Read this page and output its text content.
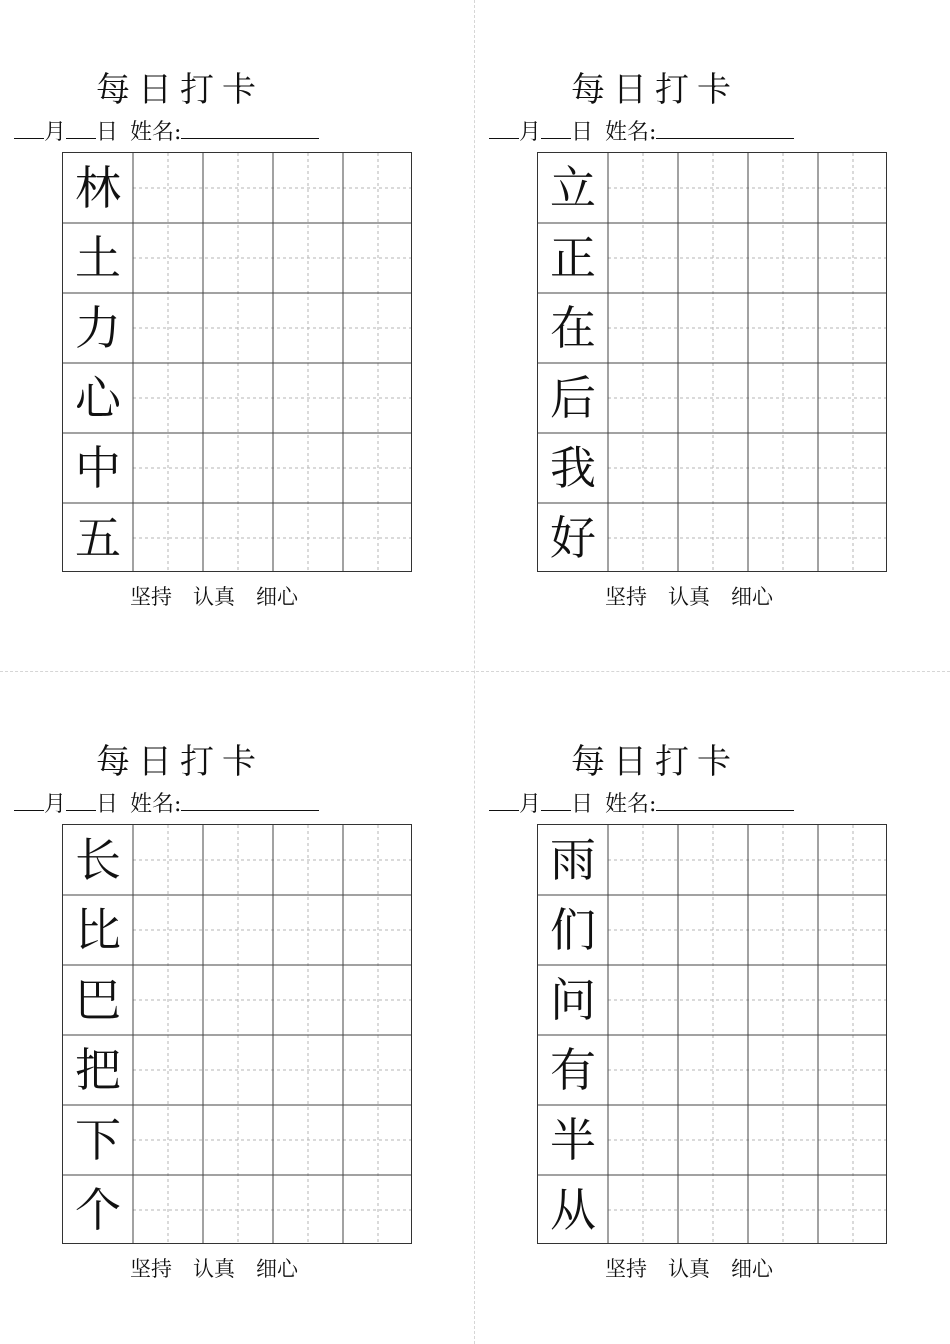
每日打卡
月 日 姓名:
林
土
力
心
中
五
坚持　认真　细心
每日打卡
月 日 姓名:
立
正
在
后
我
好
坚持　认真　细心
每日打卡
月 日 姓名:
长
比
巴
把
下
个
坚持　认真　细心
每日打卡
月 日 姓名:
雨
们
问
有
半
从
坚持　认真　细心
